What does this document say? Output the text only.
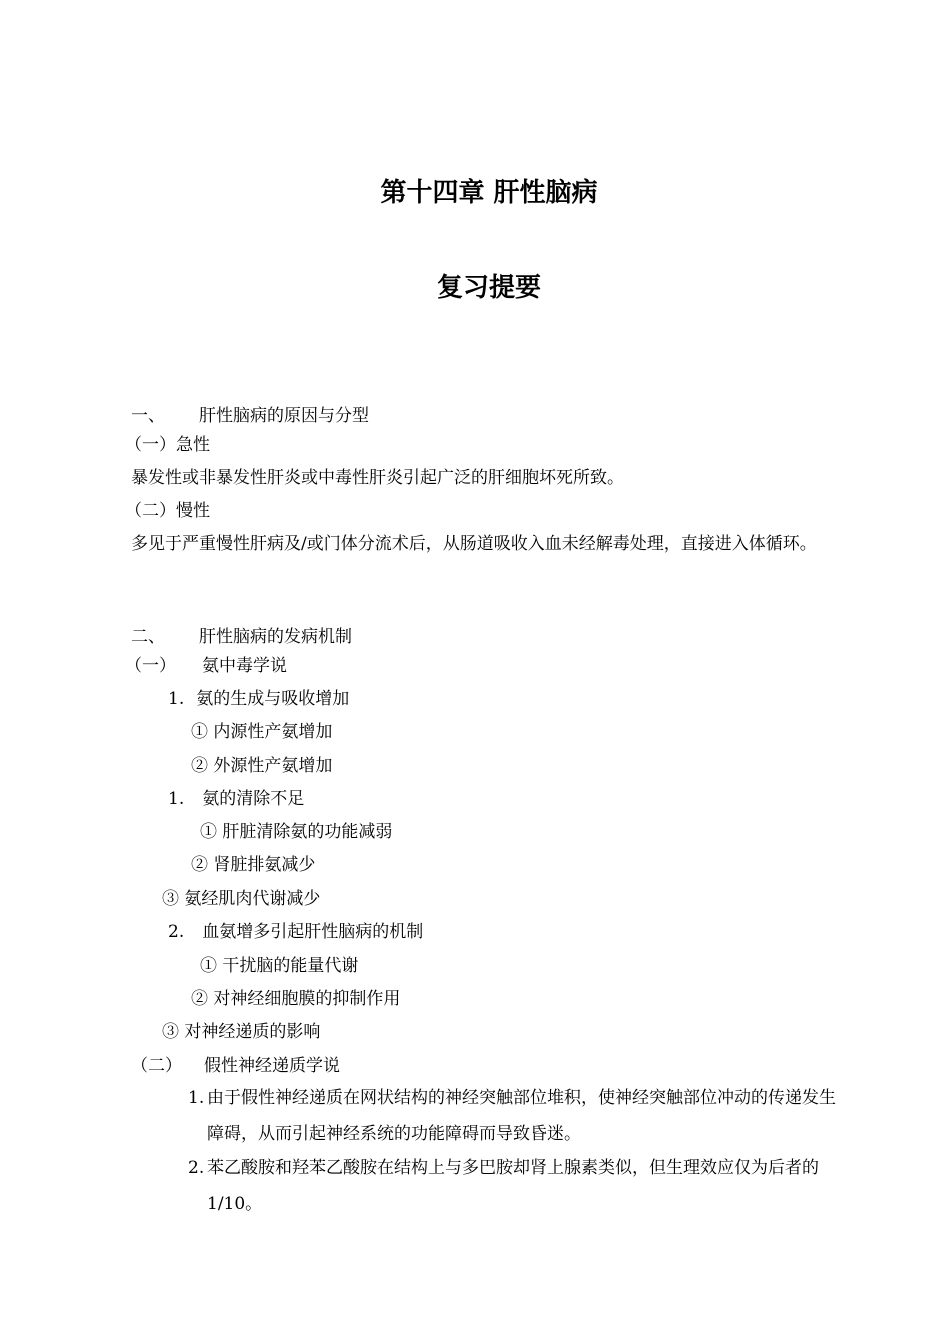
第十四章 肝性脑病
复习提要

一、 肝性脑病的原因与分型

（一）急性

暴发性或非暴发性肝炎或中毒性肝炎引起广泛的肝细胞坏死所致。

（二）慢性

多见于严重慢性肝病及/或门体分流术后，从肠道吸收入血未经解毒处理，直接进入体循环。

二、 肝性脑病的发病机制

（一） 氨中毒学说

1. 氨的生成与吸收增加

① 内源性产氨增加

② 外源性产氨增加

1. 氨的清除不足

① 肝脏清除氨的功能减弱

② 肾脏排氨减少

③ 氨经肌肉代谢减少

2. 血氨增多引起肝性脑病的机制

① 干扰脑的能量代谢

② 对神经细胞膜的抑制作用

③ 对神经递质的影响

（二） 假性神经递质学说

1. 由于假性神经递质在网状结构的神经突触部位堆积，使神经突触部位冲动的传递发生障碍，从而引起神经系统的功能障碍而导致昏迷。
2. 苯乙酸胺和羟苯乙酸胺在结构上与多巴胺却肾上腺素类似，但生理效应仅为后者的1/10。
